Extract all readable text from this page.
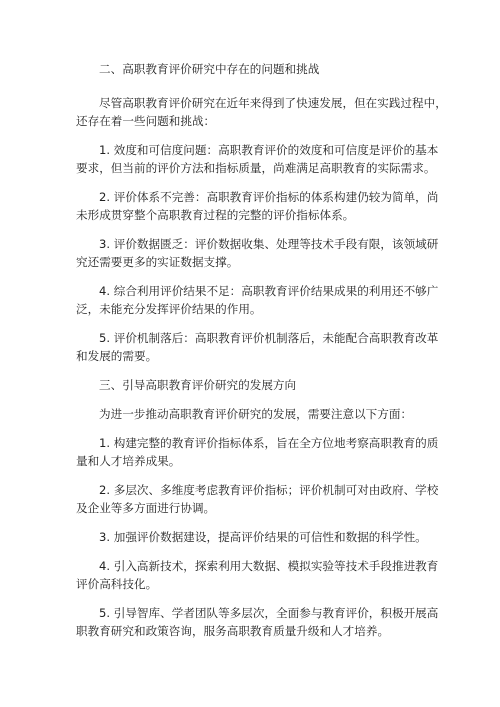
二、高职教育评价研究中存在的问题和挑战
尽管高职教育评价研究在近年来得到了快速发展，但在实践过程中，
还存在着一些问题和挑战：
1. 效度和可信度问题：高职教育评价的效度和可信度是评价的基本
要求，但当前的评价方法和指标质量，尚难满足高职教育的实际需求。
2. 评价体系不完善：高职教育评价指标的体系构建仍较为简单，尚
未形成贯穿整个高职教育过程的完整的评价指标体系。
3. 评价数据匮乏：评价数据收集、处理等技术手段有限，该领域研
究还需要更多的实证数据支撑。
4. 综合利用评价结果不足：高职教育评价结果成果的利用还不够广
泛，未能充分发挥评价结果的作用。
5. 评价机制落后：高职教育评价机制落后，未能配合高职教育改革
和发展的需要。
三、引导高职教育评价研究的发展方向
为进一步推动高职教育评价研究的发展，需要注意以下方面：
1. 构建完整的教育评价指标体系，旨在全方位地考察高职教育的质
量和人才培养成果。
2. 多层次、多维度考虑教育评价指标；评价机制可对由政府、学校
及企业等多方面进行协调。
3. 加强评价数据建设，提高评价结果的可信性和数据的科学性。
4. 引入高新技术，探索利用大数据、模拟实验等技术手段推进教育
评价高科技化。
5. 引导智库、学者团队等多层次，全面参与教育评价，积极开展高
职教育研究和政策咨询，服务高职教育质量升级和人才培养。
